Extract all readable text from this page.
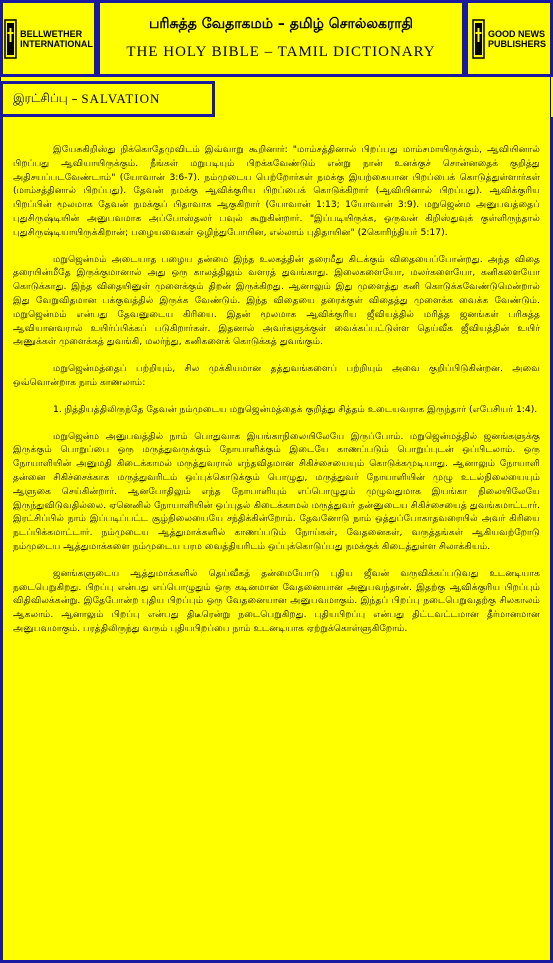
BELLWETHER
INTERNATIONAL
பரிசுத்த வேதாகமம் – தமிழ் சொல்லகராதி
THE HOLY BIBLE – TAMIL DICTIONARY
GOOD NEWS
PUBLISHERS
இரட்சிப்பு – SALVATION

இயேசுகிறிஸ்து நிக்கொதேமுவிடம் இவ்வாறு கூறினார்: "மாம்சத்தினால் பிறப்பது மாம்சமாயிருக்கும், ஆவியினால் பிறப்பது ஆவியாயிருக்கும். நீங்கள் மறுபடியும் பிறக்கவேண்டும் என்று நான் உனக்குச் சொன்னதைக் குறித்து அதிசயப்படவேண்டாம்" (யோவான் 3:6-7). நம்முடைய பெற்றோர்கள் நமக்கு இயற்கையான பிறப்பைக் கொடுத்துள்ளார்கள் (மாம்சத்தினால் பிறப்பது). தேவன் நமக்கு ஆவிக்குரிய பிறப்பைக் கொடுக்கிறார் (ஆவியினால் பிறப்பது). ஆவிக்குரிய பிறப்பின் மூலமாக தேவன் நமக்குப் பிதாவாக ஆகுகிறார் (யோவான் 1:13; 1யோவான் 3:9). மறுஜென்ம அனுபவத்தைப் புதுசிருஷ்டியின் அனுபவமாக அப்போஸ்தலர் பவுல் கூறுகின்றார். "இப்படியிருக்க, ஒருவன் கிறிஸ்துவுக் குள்ளிருந்தால் புதுசிருஷ்டியாயிருக்கிறான்; பழையவைகள் ஒழிந்துபோயின, எல்லாம் புதிதாயின" (2கொரிந்தியர் 5:17).

மறுஜென்மம் அடையாத பழைய தன்மை இந்த உலகத்தின் தரைமீது கிடக்கும் விதையைப்போன்றது. அந்த விதை தரையின்மீதே இருக்குமானால் அது ஒரு காலத்திலும் வளரத் துவங்காது. இலைகளையோ, மலர்களையோ, கனிகளையோ கொடுக்காது. இந்த விதையினுள் முளைக்கும் திறன் இருக்கிறது. ஆனாலும் இது முளைத்து கனி கொடுக்கவேண்டுமென்றால் இது வேறுவிதமான பக்குவத்தில் இருக்க வேண்டும். இந்த விதையை தரைக்குள் விதைத்து முளைக்க வைக்க வேண்டும். மறுஜென்மம் என்பது தேவனுடைய கிரியை. இதன் மூலமாக ஆவிக்குரிய ஜீவியத்தில் மரித்த ஜனங்கள் பரிசுத்த ஆவியானவரால் உயிர்ப்பிக்கப் படுகிறார்கள். இதனால் அவர்களுக்குள் வைக்கப்பட்டுள்ள தெய்வீக ஜீவியத்தின் உயிர் அணுக்கள் முளைக்கத் துவங்கி, மலர்ந்து, கனிகளைக் கொடுக்கத் துவங்கும்.

மறுஜென்மத்தைப் பற்றியும், சில முக்கியமான தத்துவங்களைப் பற்றியும் அவை குறிப்பிடுகின்றன. அவை ஒவ்வொன்றாக நாம் காணலாம்:

1. நித்தியத்திலிருந்தே தேவன் நம்முடைய மறுஜென்மத்தைக் குறித்து சித்தம் உடையவராக இருந்தார் (எபேசியர் 1:4).

மறுஜென்ம அனுபவத்தில் நாம் பொதுவாக இயங்காநிலையிலேயே இருப்போம். மறுஜென்மத்தில் ஜனங்களுக்கு இருக்கும் பொறுப்பை ஒரு மருத்துவருக்கும் நோயாளிக்கும் இடையே காணப்படும் பொறுப்புடன் ஒப்பிடலாம். ஒரு நோயாளியின் அனுமதி கிடைக்காமல் மருத்துவரால் எந்தவிதமான சிகிச்சையையும் கொடுக்கமுடியாது. ஆனாலும் நோயாளி தன்னை சிகிச்சைக்காக மருத்துவரிடம் ஒப்புக்கொடுக்கும் பொழுது, மருத்துவர் நோயாளியின் முழு உடல்நிலையையும் ஆளுகை செய்கின்றார். ஆனபோதிலும் எந்த நோயாளியும் எப்பொழுதும் முழுவதுமாக இயங்கா நிலையிலேயே இருந்துவிடுவதில்லை. ஏனெனில் நோயாளியின் ஒப்புதல் கிடைக்காமல் மருத்துவர் தன்னுடைய சிகிச்சையைத் துவங்கமாட்டார். இரட்சிப்பில் நாம் இப்படிப்பட்ட சூழ்நிலையையே சந்திக்கின்றோம். தேவனோடு நாம் ஒத்துப்போகாதவரையில் அவர் கிரியை நடப்பிக்கமாட்டார். நம்முடைய ஆத்துமாக்களில் காணப்படும் நோய்கள், வேதனைகள், வருத்தங்கள் ஆகியவற்றோடு நம்முடைய ஆத்துமாக்களை நம்முடைய பரம வைத்தியரிடம் ஒப்புக்கொடுப்பது நமக்குக் கிடைத்துள்ள சிலாக்கியம்.

ஜனங்களுடைய ஆத்துமாக்களில் தெய்வீகத் தன்மையோடு புதிய ஜீவன் வருவிக்கப்படுவது உடனடியாக நடைபெறுகிறது. பிறப்பு என்பது எப்பொழுதும் ஒரு கடினமான வேதனையான அனுபவந்தான். இதற்கு ஆவிக்குரிய பிறப்பும் விதிவிலக்கன்று. இதேபோன்ற புதிய பிறப்பும் ஒரு வேதனையான அனுபவமாகும். இந்தப் பிறப்பு நடைபெறுவதற்கு சிலகாலம் ஆகலாம். ஆனாலும் பிறப்பு என்பது திடீரென்று நடைபெறுகிறது. புதியபிறப்பு என்பது திட்டவட்டமான தீர்மானமான அனுபவமாகும். பரத்திலிருந்து வரும் புதியபிறப்பை நாம் உடனடியாக ஏற்றுக்கொள்ளுகிறோம்.
